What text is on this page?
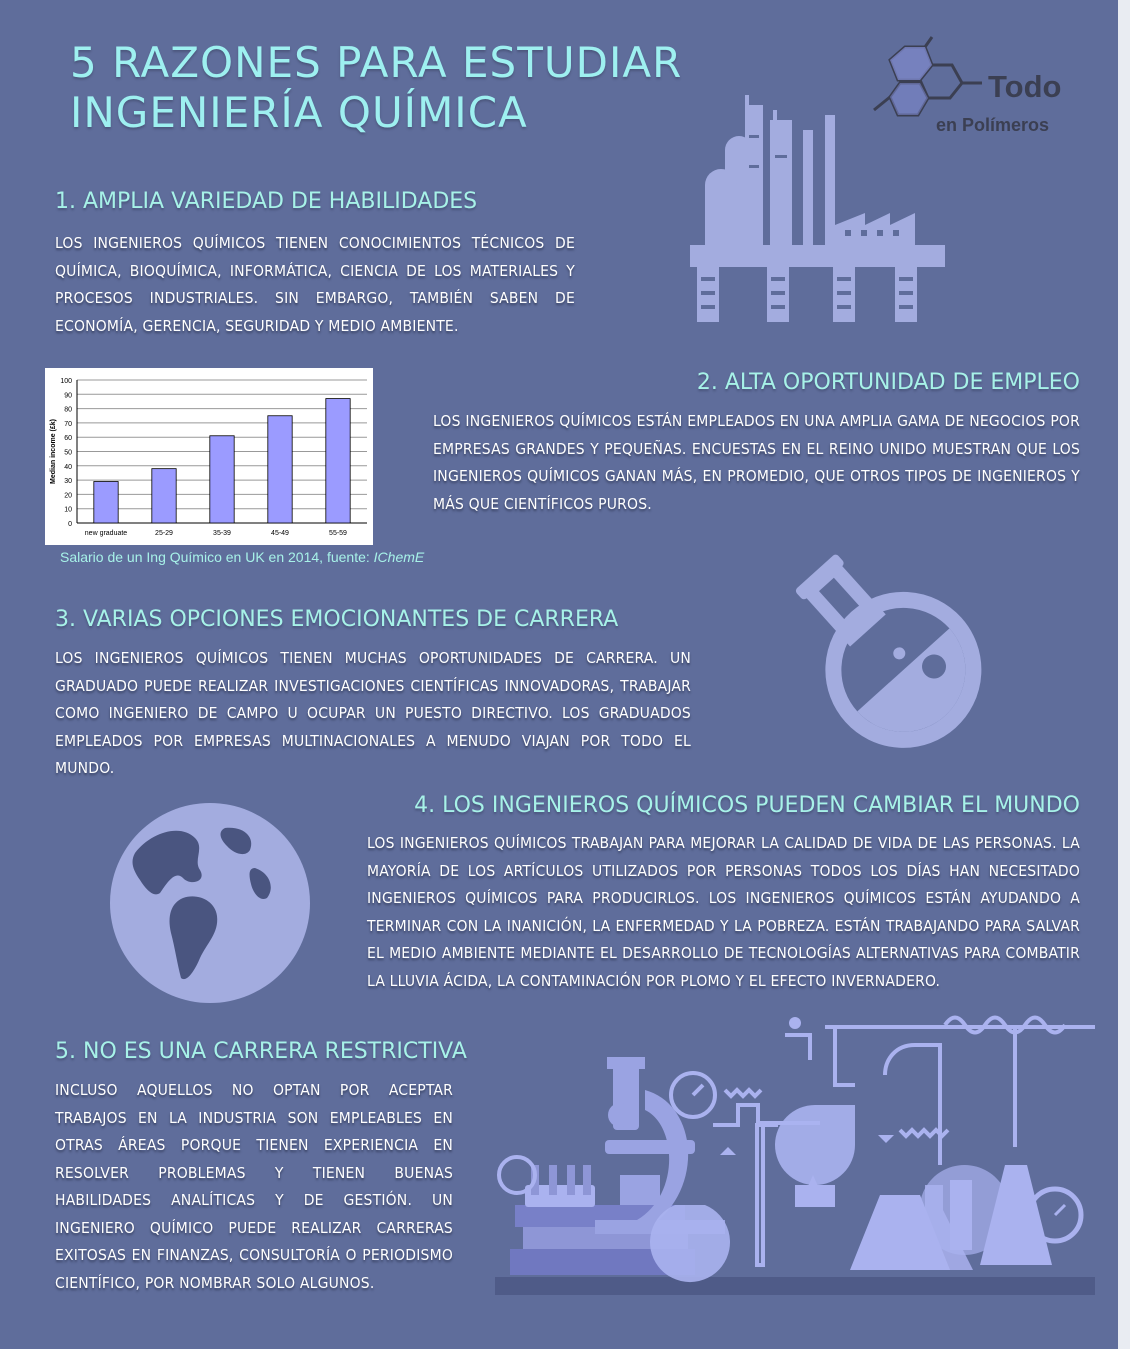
5 RAZONES PARA ESTUDIAR
INGENIERÍA QUÍMICA
Todo
en Polímeros
1. AMPLIA VARIEDAD DE HABILIDADES
LOS INGENIEROS QUÍMICOS TIENEN CONOCIMIENTOS TÉCNICOS DE QUÍMICA, BIOQUÍMICA, INFORMÁTICA, CIENCIA DE LOS MATERIALES Y PROCESOS INDUSTRIALES. SIN EMBARGO, TAMBIÉN SABEN DE ECONOMÍA, GERENCIA, SEGURIDAD Y MEDIO AMBIENTE.
0
10
20
30
40
50
60
70
80
90
100
new graduate	25-29	35-39	45-49	55-59
Median income (£k)
Salario de un Ing Químico en UK en 2014, fuente: IChemE
2. ALTA OPORTUNIDAD DE EMPLEO
LOS INGENIEROS QUÍMICOS ESTÁN EMPLEADOS EN UNA AMPLIA GAMA DE NEGOCIOS POR EMPRESAS GRANDES Y PEQUEÑAS. ENCUESTAS EN EL REINO UNIDO MUESTRAN QUE LOS INGENIEROS QUÍMICOS GANAN MÁS, EN PROMEDIO, QUE OTROS TIPOS DE INGENIEROS Y MÁS QUE CIENTÍFICOS PUROS.
3. VARIAS OPCIONES EMOCIONANTES DE CARRERA
LOS INGENIEROS QUÍMICOS TIENEN MUCHAS OPORTUNIDADES DE CARRERA. UN GRADUADO PUEDE REALIZAR INVESTIGACIONES CIENTÍFICAS INNOVADORAS, TRABAJAR COMO INGENIERO DE CAMPO U OCUPAR UN PUESTO DIRECTIVO. LOS GRADUADOS EMPLEADOS POR EMPRESAS MULTINACIONALES A MENUDO VIAJAN POR TODO EL MUNDO.
4. LOS INGENIEROS QUÍMICOS PUEDEN CAMBIAR EL MUNDO
LOS INGENIEROS QUÍMICOS TRABAJAN PARA MEJORAR LA CALIDAD DE VIDA DE LAS PERSONAS. LA MAYORÍA DE LOS ARTÍCULOS UTILIZADOS POR PERSONAS TODOS LOS DÍAS HAN NECESITADO INGENIEROS QUÍMICOS PARA PRODUCIRLOS. LOS INGENIEROS QUÍMICOS ESTÁN AYUDANDO A TERMINAR CON LA INANICIÓN, LA ENFERMEDAD Y LA POBREZA. ESTÁN TRABAJANDO PARA SALVAR EL MEDIO AMBIENTE MEDIANTE EL DESARROLLO DE TECNOLOGÍAS ALTERNATIVAS PARA COMBATIR LA LLUVIA ÁCIDA, LA CONTAMINACIÓN POR PLOMO Y EL EFECTO INVERNADERO.
5. NO ES UNA CARRERA RESTRICTIVA
INCLUSO AQUELLOS NO OPTAN POR ACEPTAR TRABAJOS EN LA INDUSTRIA SON EMPLEABLES EN OTRAS ÁREAS PORQUE TIENEN EXPERIENCIA EN RESOLVER PROBLEMAS Y TIENEN BUENAS HABILIDADES ANALÍTICAS Y DE GESTIÓN. UN INGENIERO QUÍMICO PUEDE REALIZAR CARRERAS EXITOSAS EN FINANZAS, CONSULTORÍA O PERIODISMO CIENTÍFICO, POR NOMBRAR SOLO ALGUNOS.
